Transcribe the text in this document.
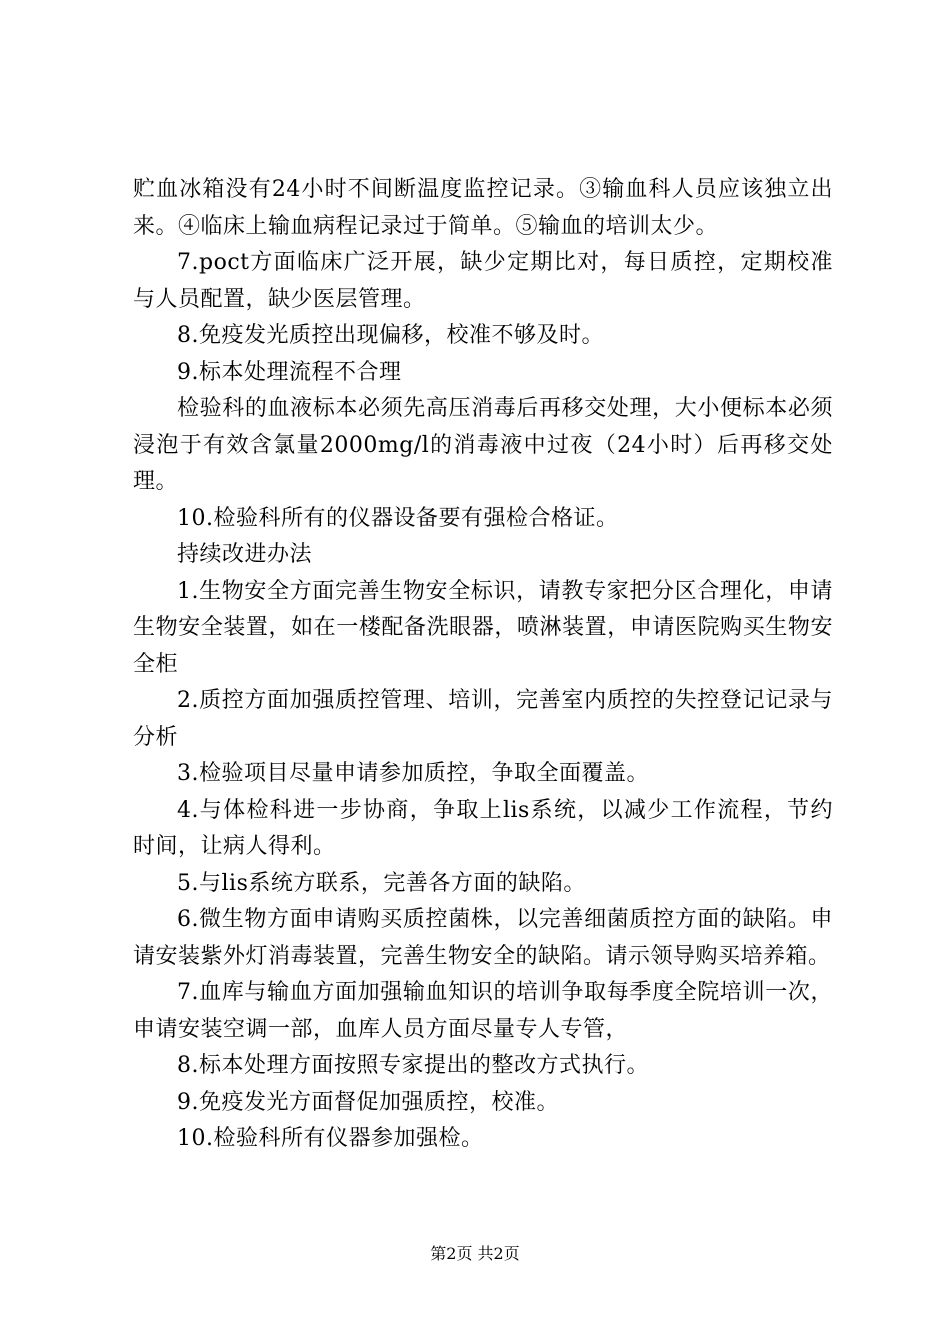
贮血冰箱没有24小时不间断温度监控记录。③输血科人员应该独立出来。④临床上输血病程记录过于简单。⑤输血的培训太少。

7.poct方面临床广泛开展，缺少定期比对，每日质控，定期校准与人员配置，缺少医层管理。

8.免疫发光质控出现偏移，校准不够及时。

9.标本处理流程不合理

检验科的血液标本必须先高压消毒后再移交处理，大小便标本必须浸泡于有效含氯量2000mg/l的消毒液中过夜（24小时）后再移交处理。

10.检验科所有的仪器设备要有强检合格证。

持续改进办法

1.生物安全方面完善生物安全标识，请教专家把分区合理化，申请生物安全装置，如在一楼配备洗眼器，喷淋装置，申请医院购买生物安全柜

2.质控方面加强质控管理、培训，完善室内质控的失控登记记录与分析

3.检验项目尽量申请参加质控，争取全面覆盖。

4.与体检科进一步协商，争取上lis系统，以减少工作流程，节约时间，让病人得利。

5.与lis系统方联系，完善各方面的缺陷。

6.微生物方面申请购买质控菌株，以完善细菌质控方面的缺陷。申请安装紫外灯消毒装置，完善生物安全的缺陷。请示领导购买培养箱。

7.血库与输血方面加强输血知识的培训争取每季度全院培训一次，申请安装空调一部，血库人员方面尽量专人专管，

8.标本处理方面按照专家提出的整改方式执行。

9.免疫发光方面督促加强质控，校准。

10.检验科所有仪器参加强检。

第2页 共2页
